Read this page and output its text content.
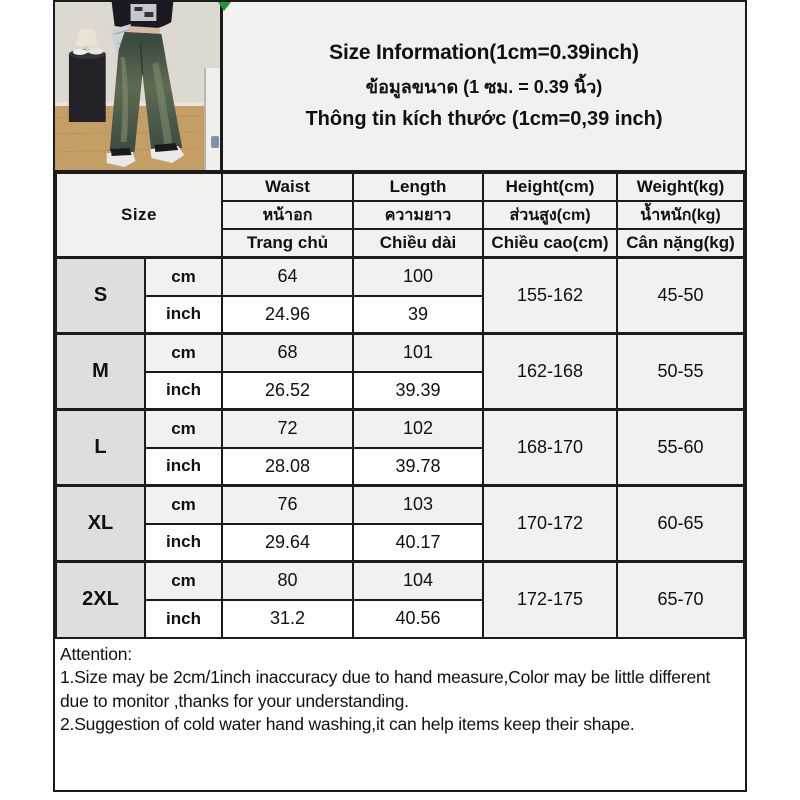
Size Information(1cm=0.39inch)
ข้อมูลขนาด (1 ซม. = 0.39 นิ้ว)
Thông tin kích thước (1cm=0,39 inch)
Size	Waist	Length	Height(cm)	Weight(kg)
	หน้าอก	ความยาว	ส่วนสูง(cm)	น้ำหนัก(kg)
	Trang chủ	Chiều dài	Chiều cao(cm)	Cân nặng(kg)
S	cm	64	100	155-162	45-50
	inch	24.96	39		
M	cm	68	101	162-168	50-55
	inch	26.52	39.39		
L	cm	72	102	168-170	55-60
	inch	28.08	39.78		
XL	cm	76	103	170-172	60-65
	inch	29.64	40.17		
2XL	cm	80	104	172-175	65-70
	inch	31.2	40.56		
Attention:
1.Size may be 2cm/1inch inaccuracy due to hand measure,Color may be little different due to monitor ,thanks for your understanding.
2.Suggestion of cold water hand washing,it can help items keep their shape.
